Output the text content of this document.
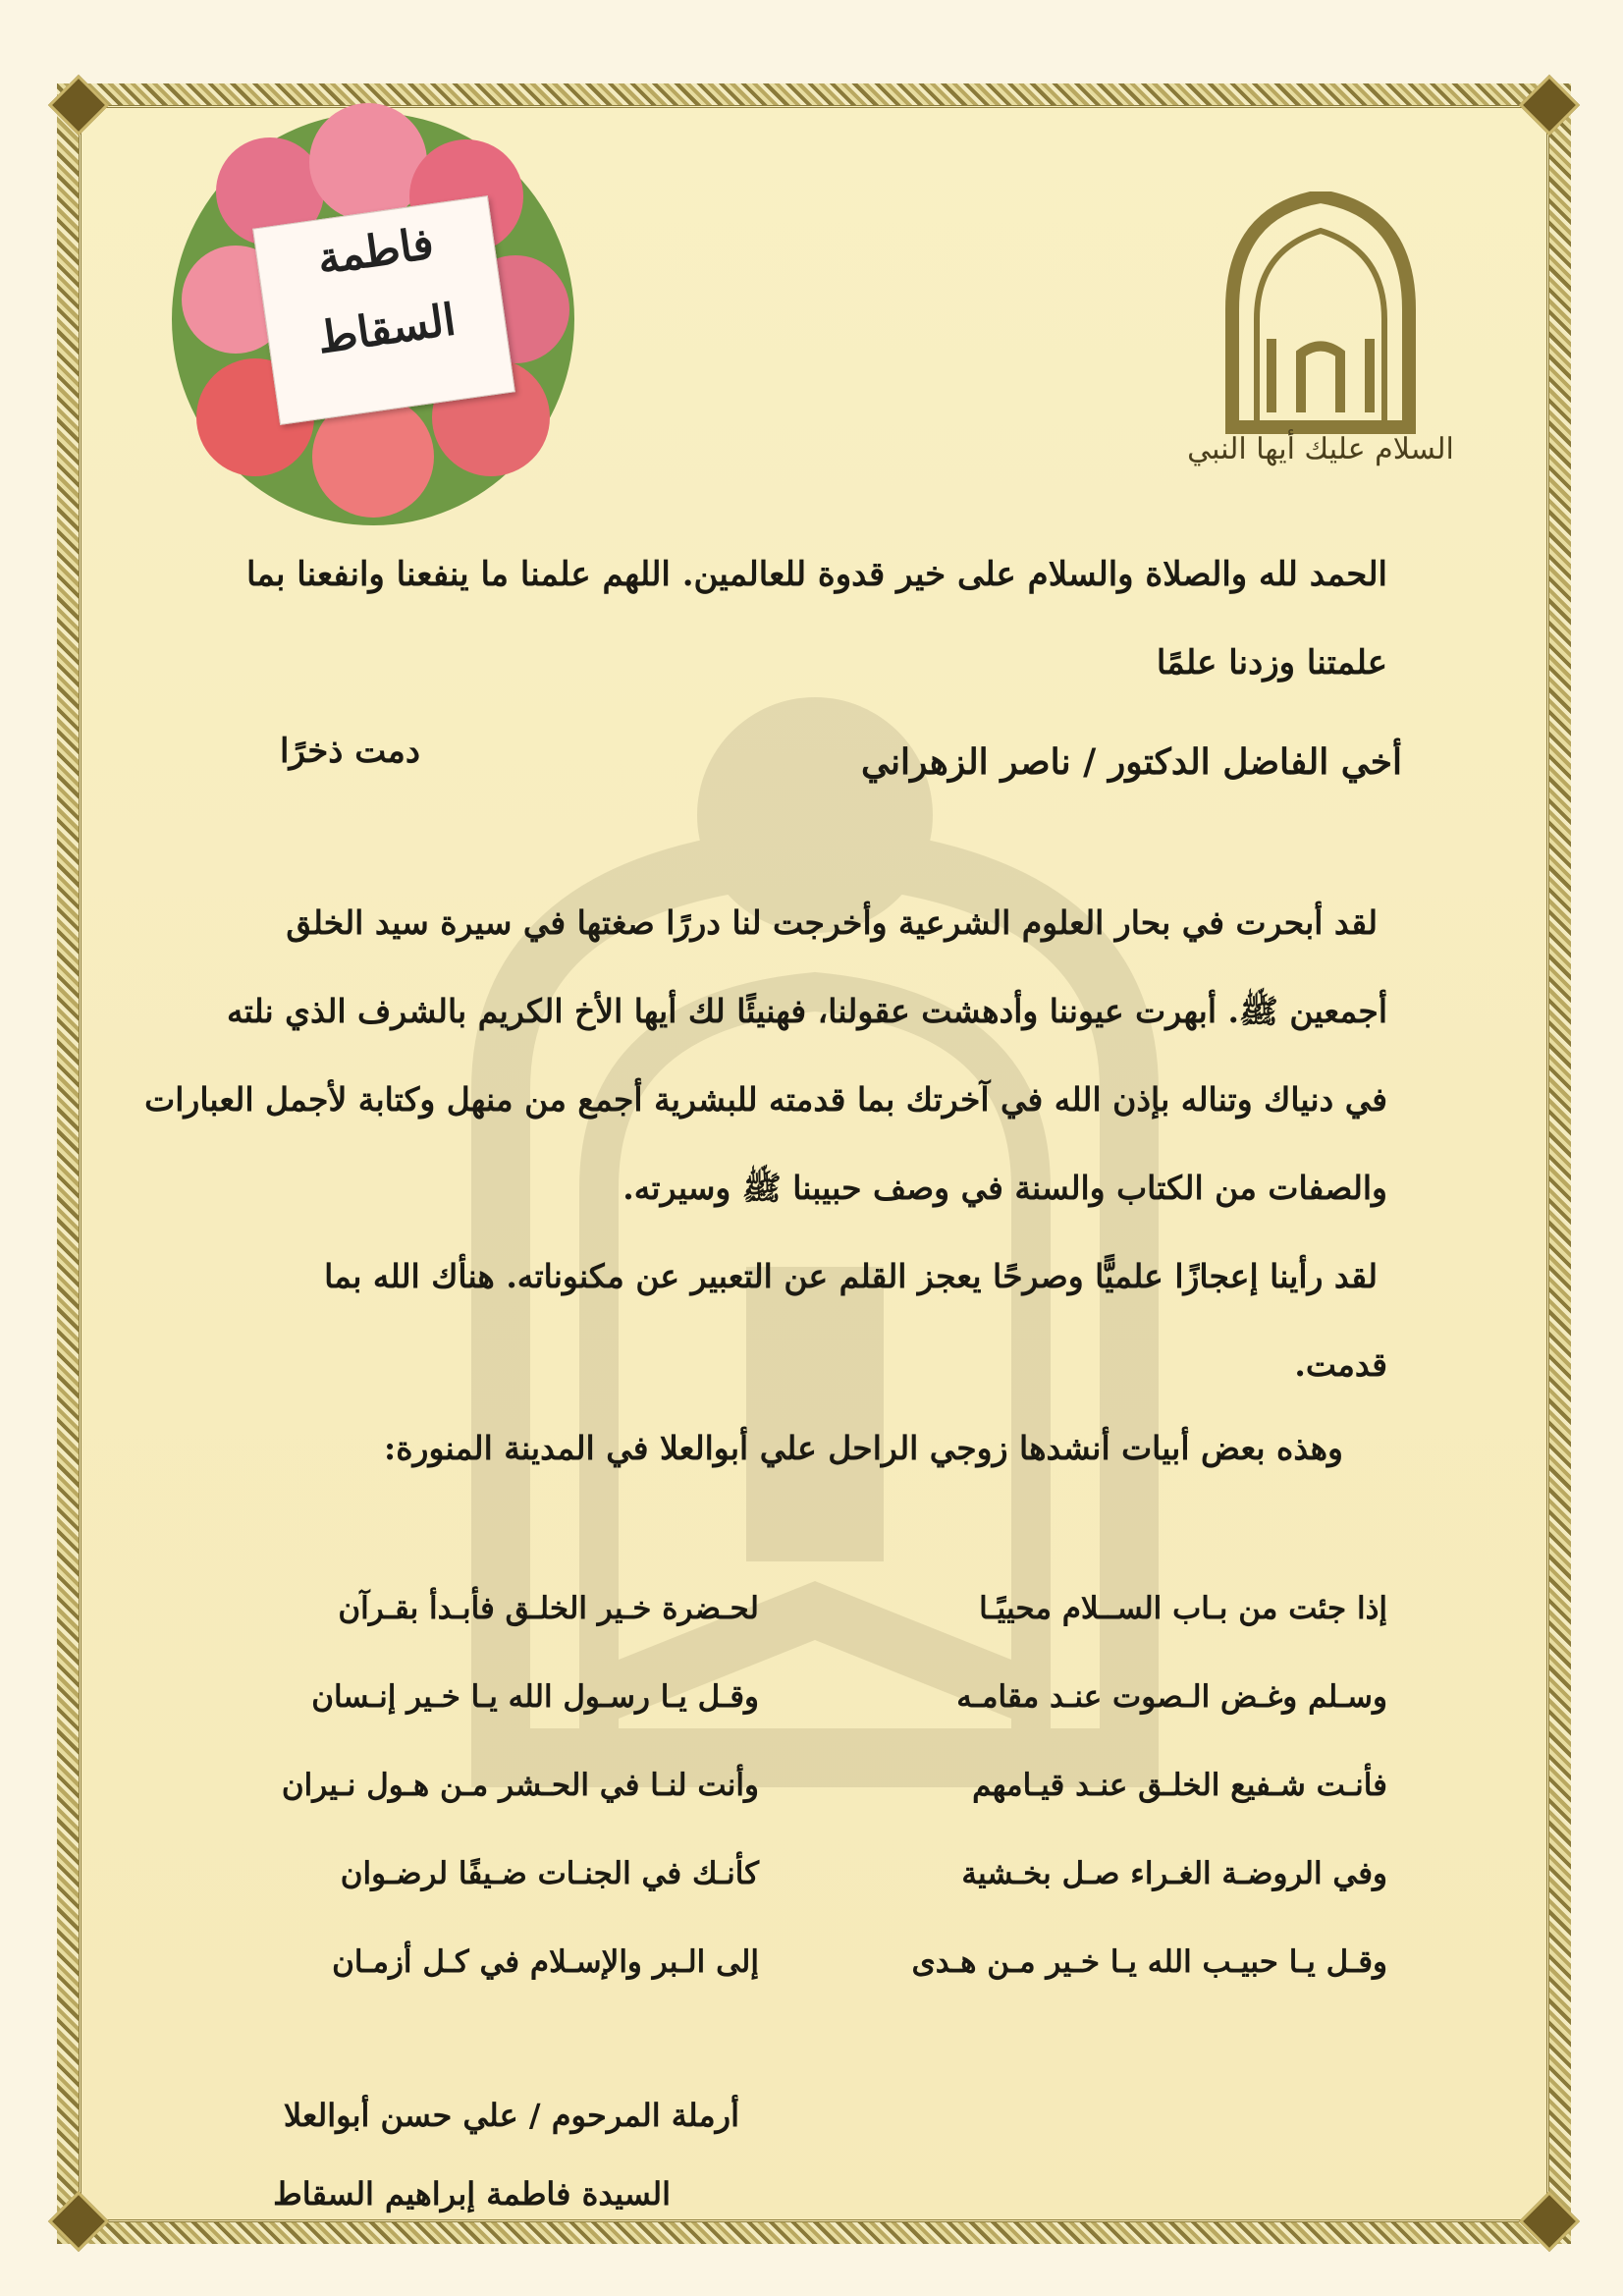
فاطمة
السقاط
السلام عليك أيها النبي
الحمد لله والصلاة والسلام على خير قدوة للعالمين. اللهم علمنا ما ينفعنا وانفعنا بما
علمتنا وزدنا علمًا
أخي الفاضل الدكتور / ناصر الزهراني
دمت ذخرًا
لقد أبحرت في بحار العلوم الشرعية وأخرجت لنا دررًا صغتها في سيرة سيد الخلق
أجمعين ﷺ. أبهرت عيوننا وأدهشت عقولنا، فهنيئًا لك أيها الأخ الكريم بالشرف الذي نلته
في دنياك وتناله بإذن الله في آخرتك بما قدمته للبشرية أجمع من منهل وكتابة لأجمل العبارات
والصفات من الكتاب والسنة في وصف حبيبنا ﷺ وسيرته.
لقد رأينا إعجازًا علميًّا وصرحًا يعجز القلم عن التعبير عن مكنوناته. هنأك الله بما
قدمت.
وهذه بعض أبيات أنشدها زوجي الراحل علي أبوالعلا في المدينة المنورة:
إذا جئت من بـاب الســلام محييًـا
وسـلم وغـض الـصوت عنـد مقامـه
فأنـت شـفيع الخلـق عنـد قيـامهم
وفي الروضـة الغـراء صـل بخـشية
وقـل يـا حبيـب الله يـا خـير مـن هـدى
لحـضرة خـير الخلـق فأبـدأ بقـرآن
وقـل يـا رسـول الله يـا خـير إنـسان
وأنت لنـا في الحـشر مـن هـول نـيران
كأنـك في الجنـات ضـيفًا لرضـوان
إلى الـبر والإسـلام في كـل أزمـان
أرملة المرحوم / علي حسن أبوالعلا
السيدة فاطمة إبراهيم السقاط
